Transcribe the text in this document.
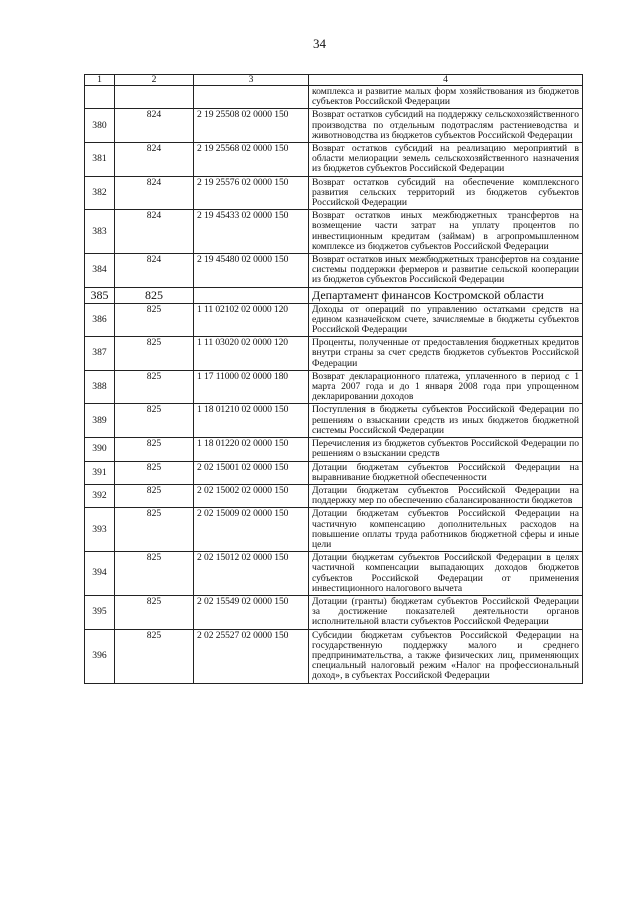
34
1	2	3	4
			комплекса и развитие малых форм хозяйствования из бюджетов субъектов Российской Федерации
380	824	2 19 25508 02 0000 150	Возврат остатков субсидий на поддержку сельскохозяйственного производства по отдельным подотраслям растениеводства и животноводства из бюджетов субъектов Российской Федерации
381	824	2 19 25568 02 0000 150	Возврат остатков субсидий на реализацию мероприятий в области мелиорации земель сельскохозяйственного назначения из бюджетов субъектов Российской Федерации
382	824	2 19 25576 02 0000 150	Возврат остатков субсидий на обеспечение комплексного развития сельских территорий из бюджетов субъектов Российской Федерации
383	824	2 19 45433 02 0000 150	Возврат остатков иных межбюджетных трансфертов на возмещение части затрат на уплату процентов по инвестиционным кредитам (займам) в агропромышленном комплексе из бюджетов субъектов Российской Федерации
384	824	2 19 45480 02 0000 150	Возврат остатков иных межбюджетных трансфертов на создание системы поддержки фермеров и развитие сельской кооперации из бюджетов субъектов Российской Федерации
385	825		Департамент финансов Костромской области
386	825	1 11 02102 02 0000 120	Доходы от операций по управлению остатками средств на едином казначейском счете, зачисляемые в бюджеты субъектов Российской Федерации
387	825	1 11 03020 02 0000 120	Проценты, полученные от предоставления бюджетных кредитов внутри страны за счет средств бюджетов субъектов Российской Федерации
388	825	1 17 11000 02 0000 180	Возврат декларационного платежа, уплаченного в период с 1 марта 2007 года и до 1 января 2008 года при упрощенном декларировании доходов
389	825	1 18 01210 02 0000 150	Поступления в бюджеты субъектов Российской Федерации по решениям о взыскании средств из иных бюджетов бюджетной системы Российской Федерации
390	825	1 18 01220 02 0000 150	Перечисления из бюджетов субъектов Российской Федерации по решениям о взыскании средств
391	825	2 02 15001 02 0000 150	Дотации бюджетам субъектов Российской Федерации на выравнивание бюджетной обеспеченности
392	825	2 02 15002 02 0000 150	Дотации бюджетам субъектов Российской Федерации на поддержку мер по обеспечению сбалансированности бюджетов
393	825	2 02 15009 02 0000 150	Дотации бюджетам субъектов Российской Федерации на частичную компенсацию дополнительных расходов на повышение оплаты труда работников бюджетной сферы и иные цели
394	825	2 02 15012 02 0000 150	Дотации бюджетам субъектов Российской Федерации в целях частичной компенсации выпадающих доходов бюджетов субъектов Российской Федерации от применения инвестиционного налогового вычета
395	825	2 02 15549 02 0000 150	Дотации (гранты) бюджетам субъектов Российской Федерации за достижение показателей деятельности органов исполнительной власти субъектов Российской Федерации
396	825	2 02 25527 02 0000 150	Субсидии бюджетам субъектов Российской Федерации на государственную поддержку малого и среднего предпринимательства, а также физических лиц, применяющих специальный налоговый режим «Налог на профессиональный доход», в субъектах Российской Федерации
